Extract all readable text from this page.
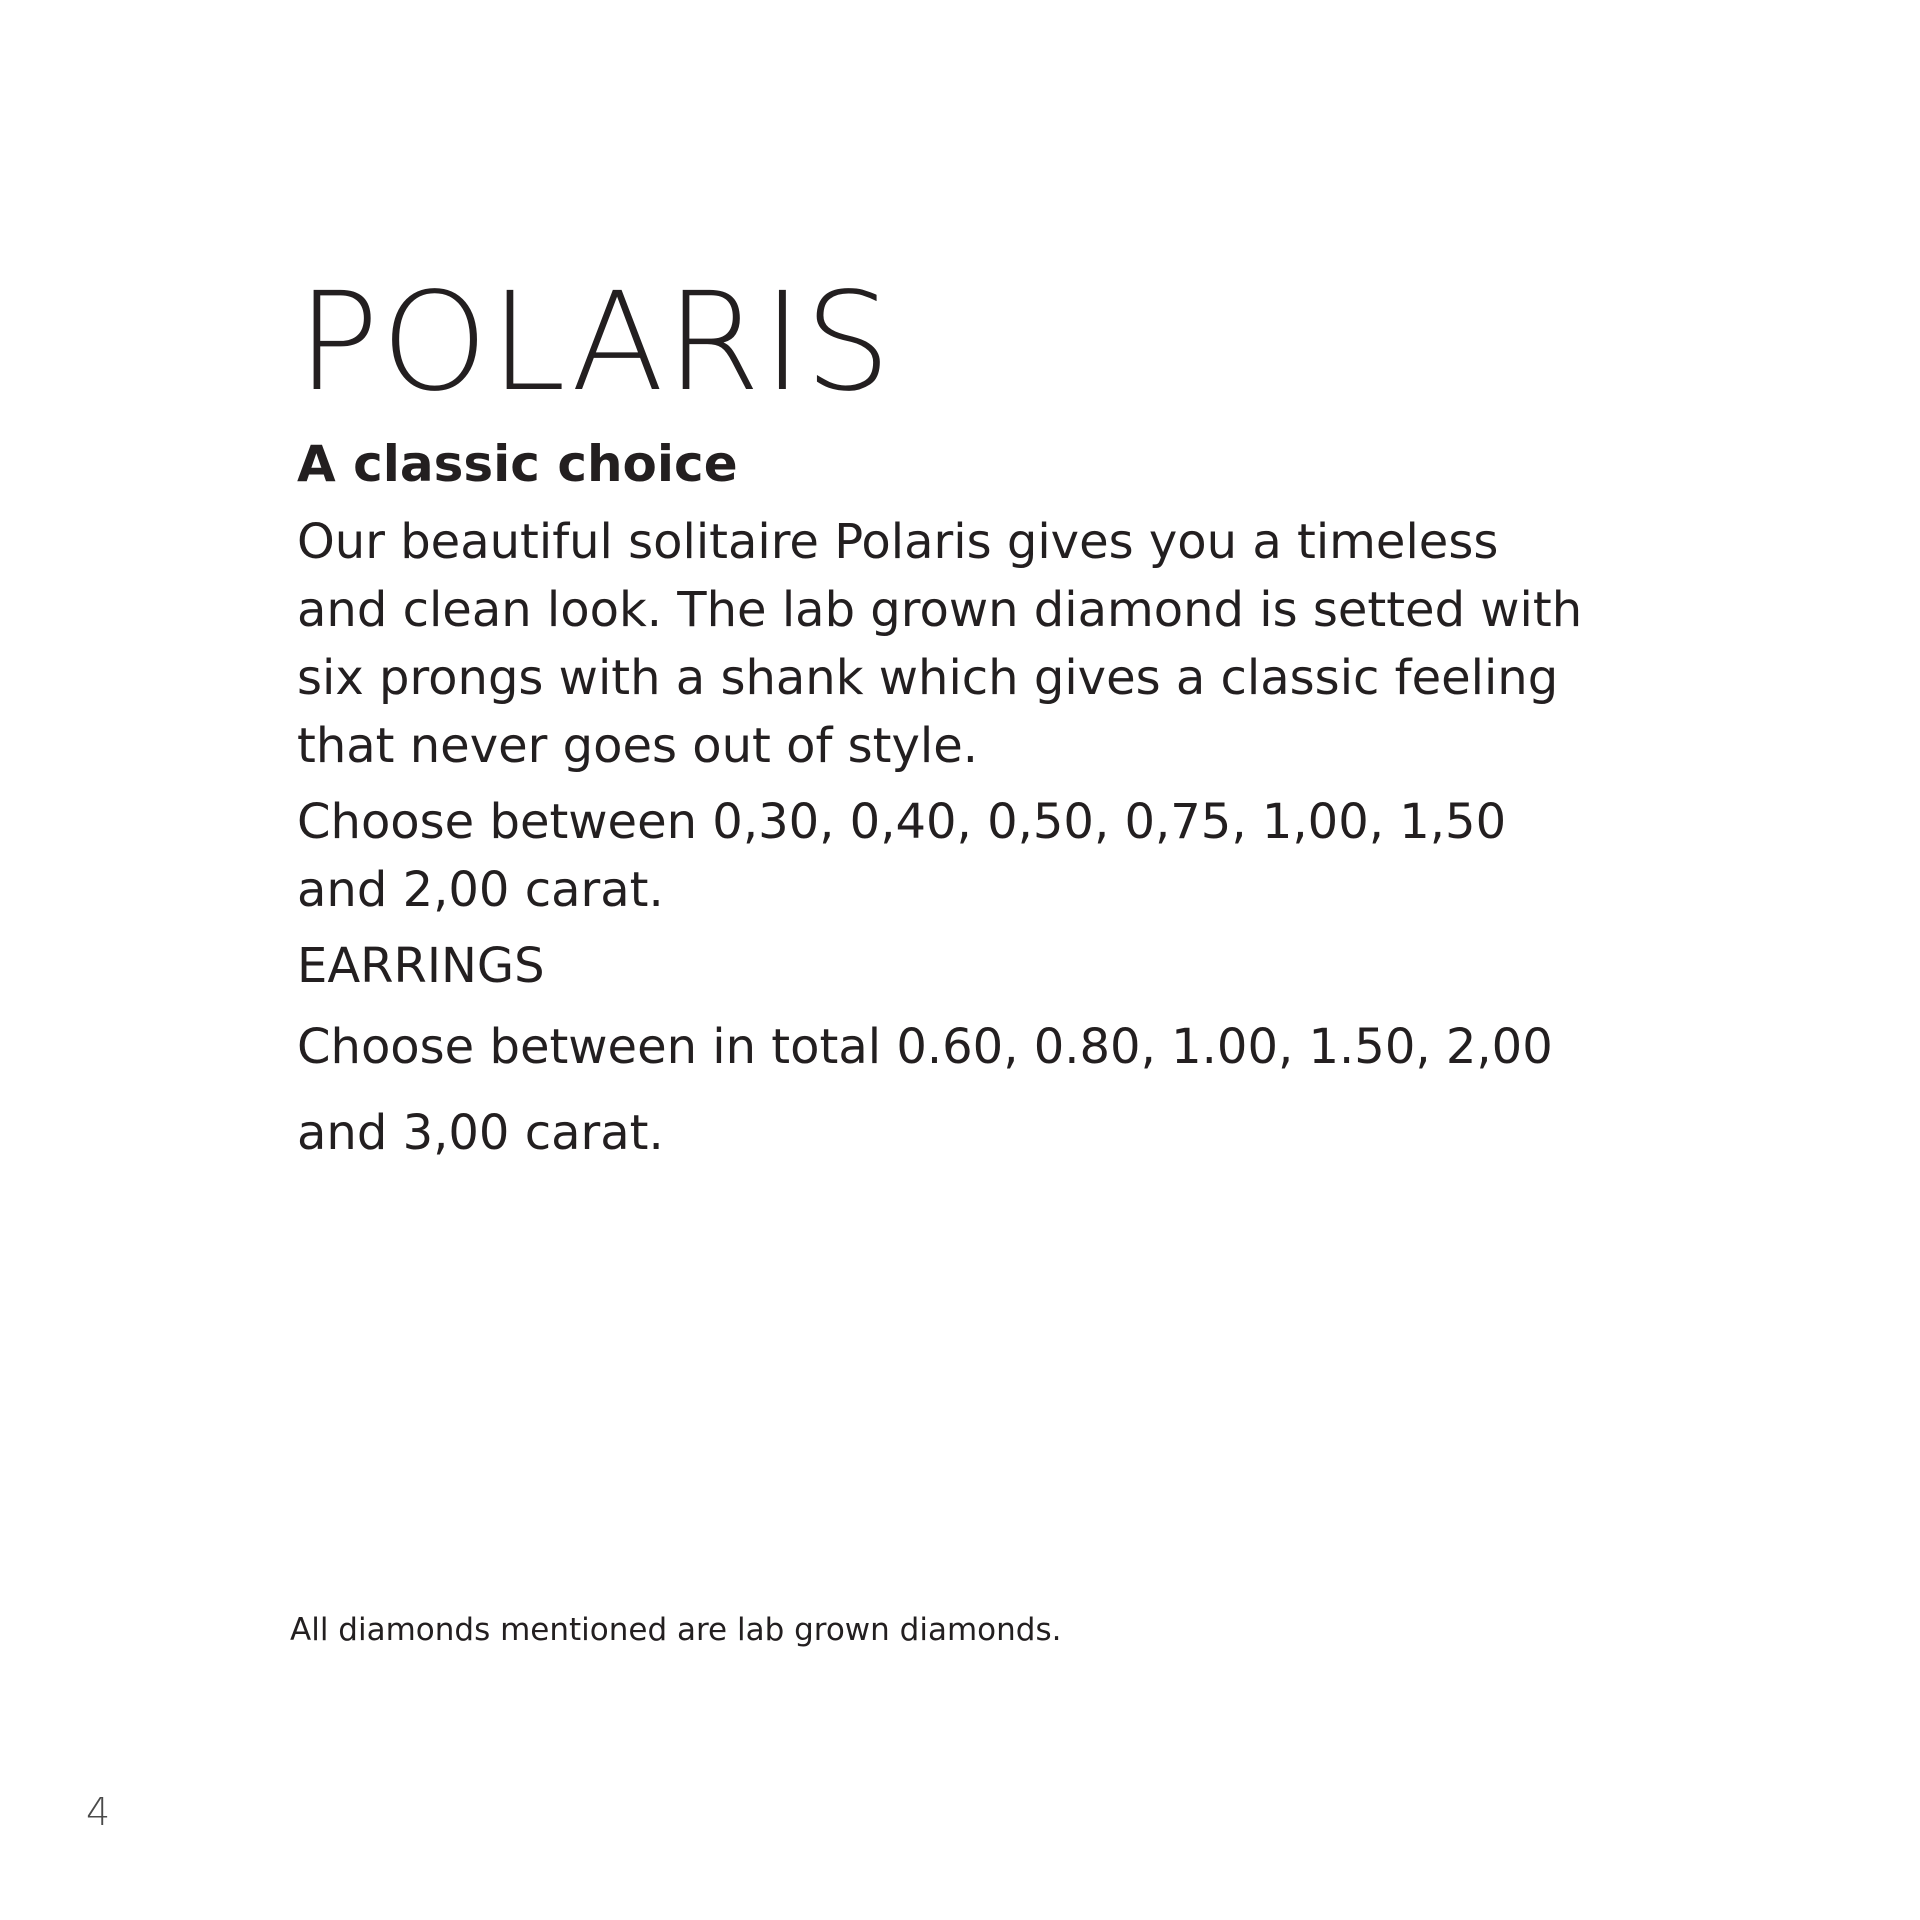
POLARIS
A classic choice

Our beautiful solitaire Polaris gives you a timeless and clean look. The lab grown diamond is setted with six prongs with a shank which gives a classic feeling that never goes out of style.

Choose between 0,30, 0,40, 0,50, 0,75, 1,00, 1,50 and 2,00 carat.

EARRINGS

Choose between in total 0.60, 0.80, 1.00, 1.50, 2,00 and 3,00 carat.

All diamonds mentioned are lab grown diamonds.
4
